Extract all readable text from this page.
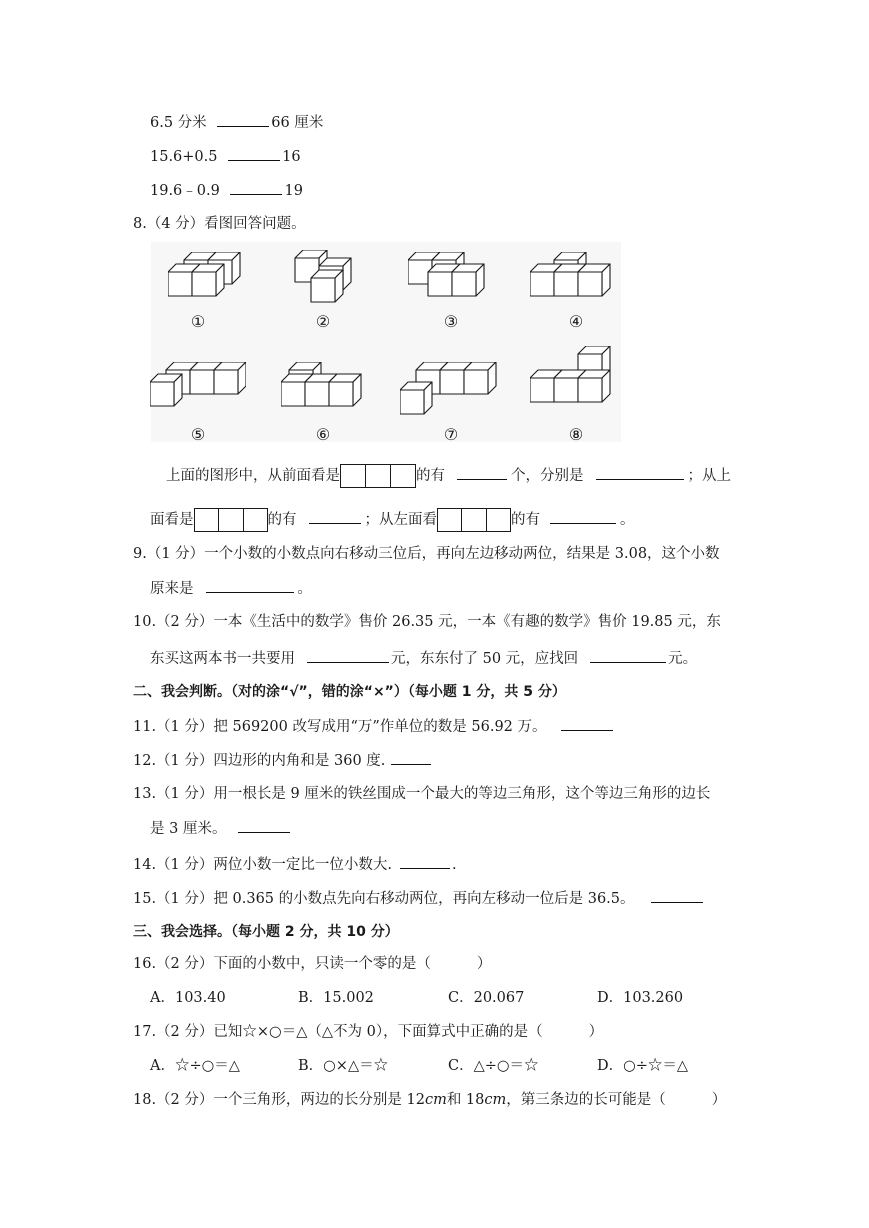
6.5 分米	66 厘米
15.6+0.5	16
19.6﹣0.9	19
8.（4 分）看图回答问题。
①	②	③	④
⑤	⑥	⑦	⑧
上面的图形中，从前面看是	的有	个，分别是	；从上
面看是	的有	；从左面看	的有	。
9.（1 分）一个小数的小数点向右移动三位后，再向左边移动两位，结果是 3.08，这个小数
原来是	。
10.（2 分）一本《生活中的数学》售价 26.35 元，一本《有趣的数学》售价 19.85 元，东
东买这两本书一共要用	元，东东付了 50 元，应找回	元。
二、我会判断。（对的涂“√”，错的涂“×”）（每小题 1 分，共 5 分）
11.（1 分）把 569200 改写成用“万”作单位的数是 56.92 万。
12.（1 分）四边形的内角和是 360 度.
13.（1 分）用一根长是 9 厘米的铁丝围成一个最大的等边三角形，这个等边三角形的边长
是 3 厘米。
14.（1 分）两位小数一定比一位小数大.	.
15.（1 分）把 0.365 的小数点先向右移动两位，再向左移动一位后是 36.5。
三、我会选择。（每小题 2 分，共 10 分）
16.（2 分）下面的小数中，只读一个零的是（	）
A．103.40	B．15.002	C．20.067	D．103.260
17.（2 分）已知☆×○＝△（△不为 0），下面算式中正确的是（	）
A．☆÷○＝△	B．○×△＝☆	C．△÷○＝☆	D．○÷☆＝△
18.（2 分）一个三角形，两边的长分别是 12cm和 18cm，第三条边的长可能是（	）
